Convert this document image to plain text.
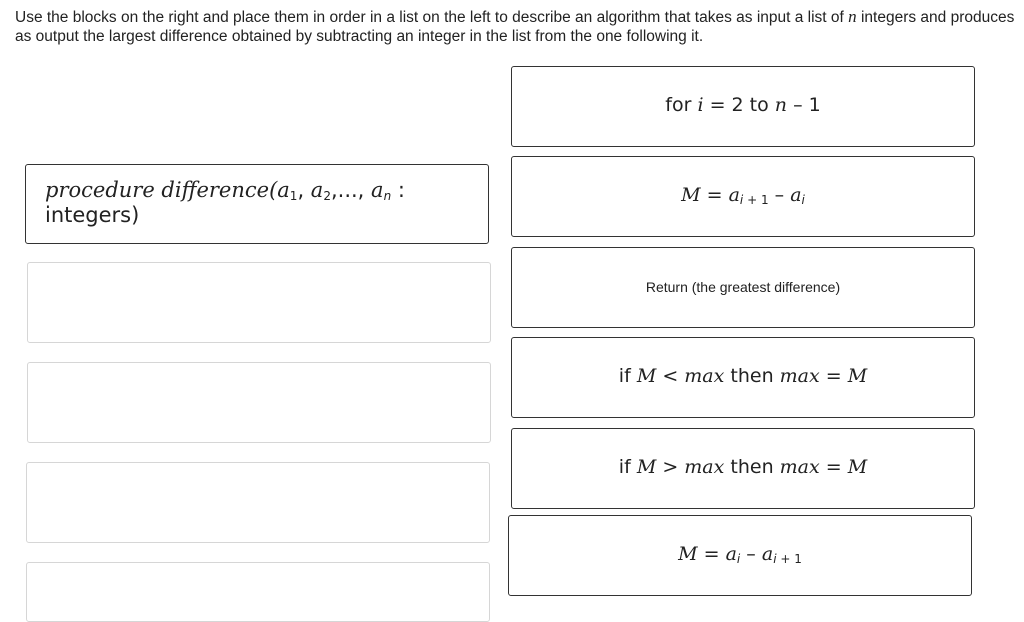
Use the blocks on the right and place them in order in a list on the left to describe an algorithm that takes as input a list of n integers and produces as output the largest difference obtained by subtracting an integer in the list from the one following it.
procedure difference(a1, a2,..., an : integers)
for i = 2 to n – 1
M = ai + 1 – ai
Return (the greatest difference)
if M < max then max = M
if M > max then max = M
M = ai – ai + 1
